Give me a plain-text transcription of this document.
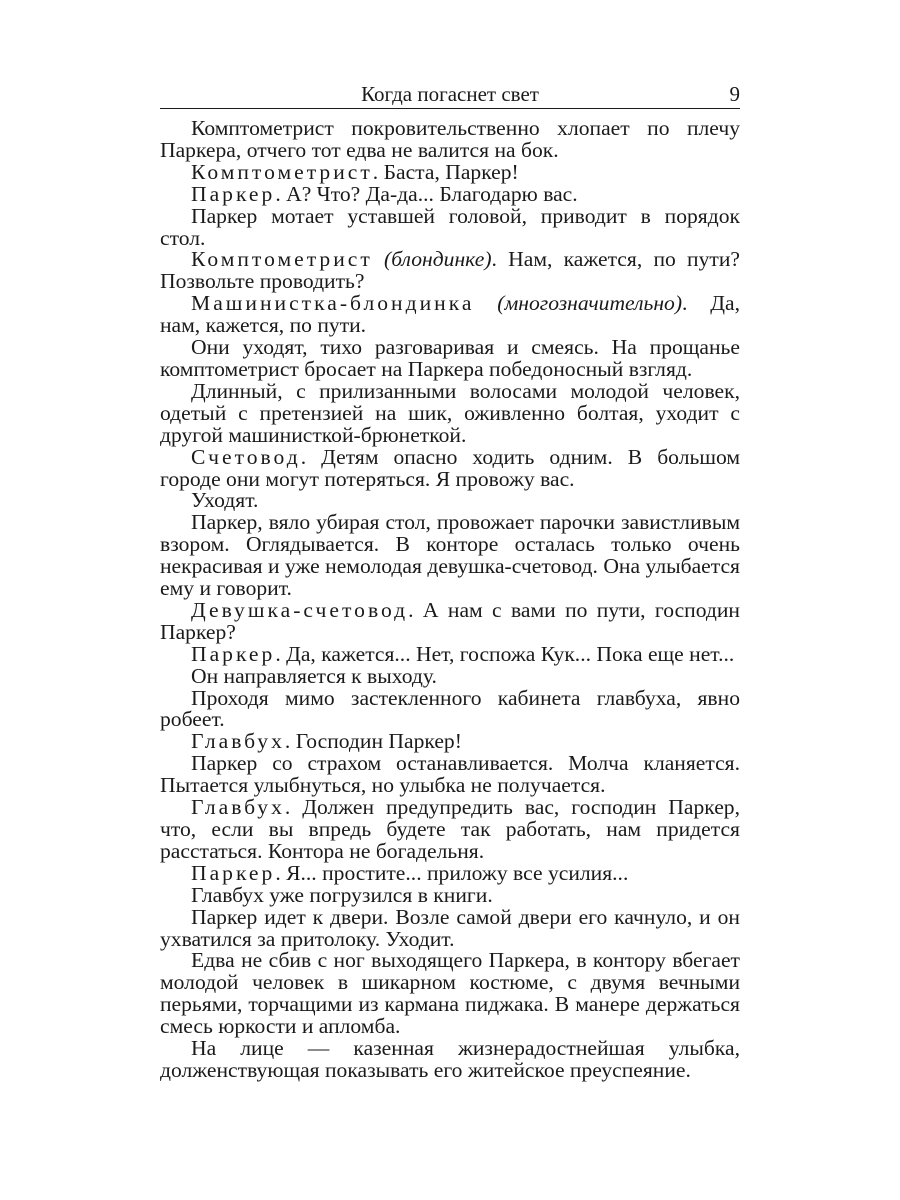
Когда погаснет свет	9

Комптометрист покровительственно хлопает по плечу Паркера, отчего тот едва не валится на бок.

Комптометрист. Баста, Паркер!

Паркер. А? Что? Да-да... Благодарю вас.

Паркер мотает уставшей головой, приводит в порядок стол.

Комптометрист (блондинке). Нам, кажется, по пути? Позвольте проводить?

Машинистка-блондинка (многозначительно). Да, нам, кажется, по пути.

Они уходят, тихо разговаривая и смеясь. На прощанье комптометрист бросает на Паркера победоносный взгляд.

Длинный, с прилизанными волосами молодой человек, одетый с претензией на шик, оживленно болтая, уходит с другой машинисткой-брюнеткой.

Счетовод. Детям опасно ходить одним. В большом городе они могут потеряться. Я провожу вас.

Уходят.

Паркер, вяло убирая стол, провожает парочки завистливым взором. Оглядывается. В конторе осталась только очень некрасивая и уже немолодая девушка-счетовод. Она улыбается ему и говорит.

Девушка-счетовод. А нам с вами по пути, господин Паркер?

Паркер. Да, кажется... Нет, госпожа Кук... Пока еще нет...

Он направляется к выходу.

Проходя мимо застекленного кабинета главбуха, явно робеет.

Главбух. Господин Паркер!

Паркер со страхом останавливается. Молча кланяется. Пытается улыбнуться, но улыбка не получается.

Главбух. Должен предупредить вас, господин Паркер, что, если вы впредь будете так работать, нам придется расстаться. Контора не богадельня.

Паркер. Я... простите... приложу все усилия...

Главбух уже погрузился в книги.

Паркер идет к двери. Возле самой двери его качнуло, и он ухватился за притолоку. Уходит.

Едва не сбив с ног выходящего Паркера, в контору вбегает молодой человек в шикарном костюме, с двумя вечными перьями, торчащими из кармана пиджака. В манере держаться смесь юркости и апломба.

На лице — казенная жизнерадостнейшая улыбка, долженствующая показывать его житейское преуспеяние.
